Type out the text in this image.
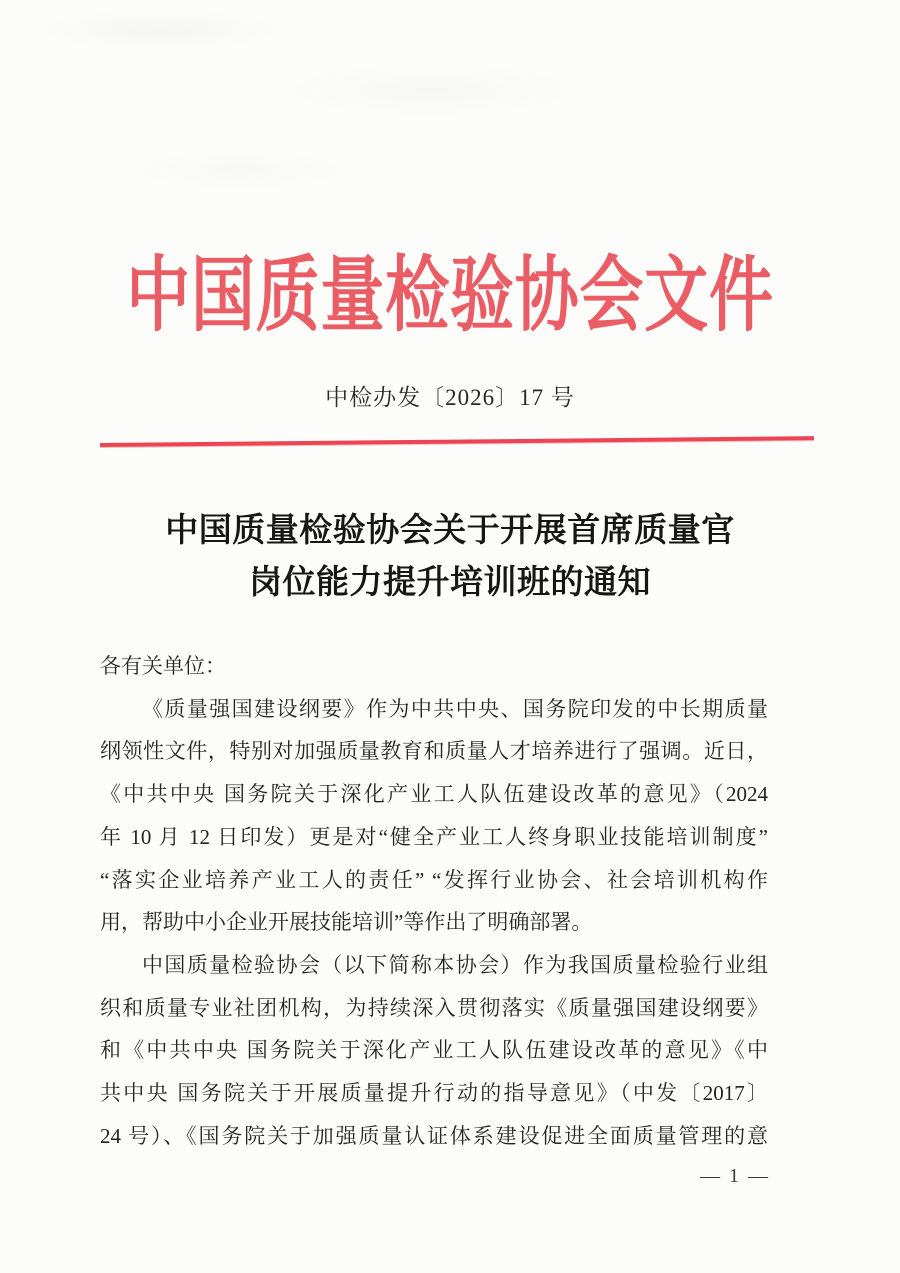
中国质量检验协会文件
中检办发〔2026〕17 号
中国质量检验协会关于开展首席质量官
岗位能力提升培训班的通知
各有关单位：
《质量强国建设纲要》作为中共中央、国务院印发的中长期质量
纲领性文件，特别对加强质量教育和质量人才培养进行了强调。近日，
《中共中央 国务院关于深化产业工人队伍建设改革的意见》（2024
年 10 月 12 日印发）更是对“健全产业工人终身职业技能培训制度”
“落实企业培养产业工人的责任” “发挥行业协会、社会培训机构作
用，帮助中小企业开展技能培训”等作出了明确部署。
中国质量检验协会（以下简称本协会）作为我国质量检验行业组
织和质量专业社团机构，为持续深入贯彻落实《质量强国建设纲要》
和《中共中央 国务院关于深化产业工人队伍建设改革的意见》《中
共中央 国务院关于开展质量提升行动的指导意见》（中发〔2017〕
24 号）、《国务院关于加强质量认证体系建设促进全面质量管理的意
— 1 —
